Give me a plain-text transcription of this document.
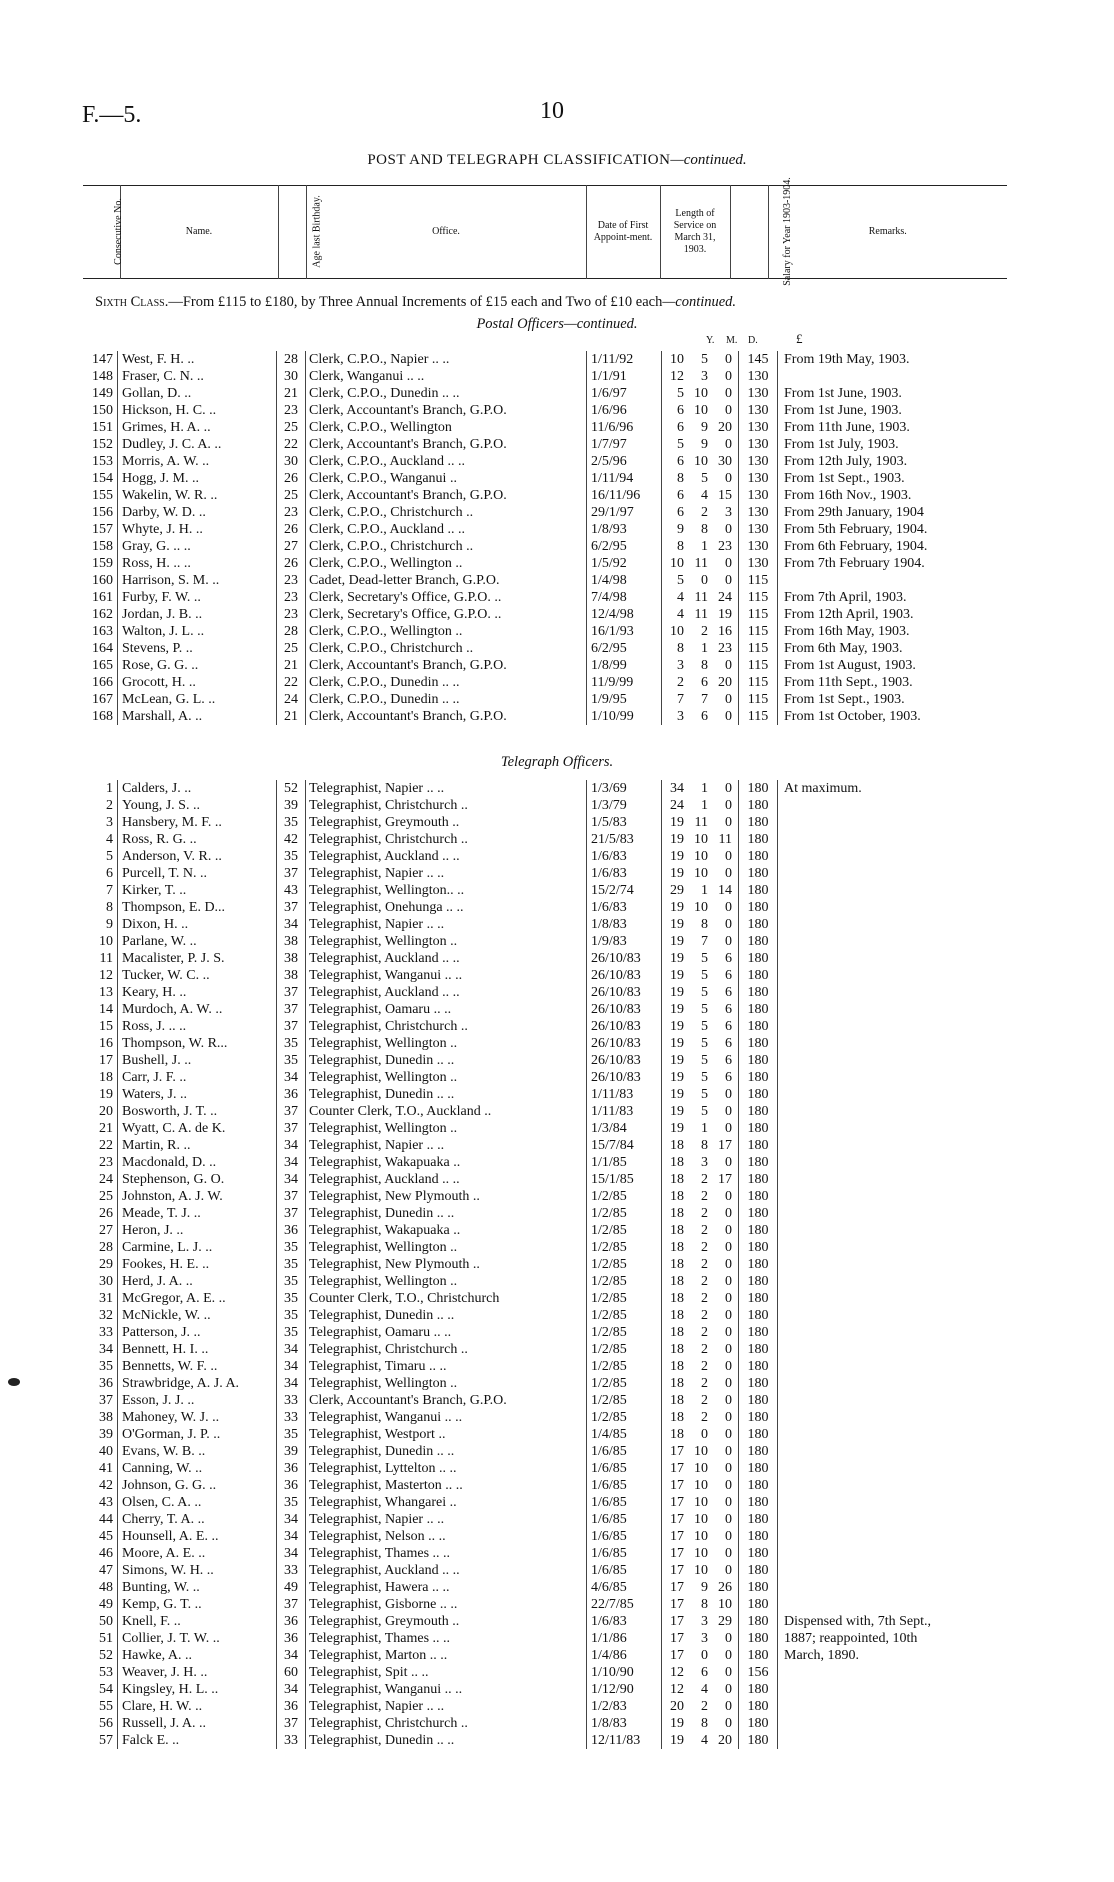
F.—5.	10
POST AND TELEGRAPH CLASSIFICATION—continued.
Consecutive No.	Name.	Age last Birthday.	Office.	Date of First Appoint-ment.	Length of Service on March 31, 1903.	Salary for Year 1903-1904.	Remarks.
Sixth Class.—From £115 to £180, by Three Annual Increments of £15 each and Two of £10 each—continued.
Postal Officers—continued.
Y. M. D.	£
147	West, F. H. ..	28	Clerk, C.P.O., Napier .. ..	1/11/92	10	5	0	145	From 19th May, 1903.
148	Fraser, C. N. ..	30	Clerk, Wanganui .. ..	1/1/91	12	3	0	130	
149	Gollan, D. ..	21	Clerk, C.P.O., Dunedin .. ..	1/6/97	5	10	0	130	From 1st June, 1903.
150	Hickson, H. C. ..	23	Clerk, Accountant's Branch, G.P.O.	1/6/96	6	10	0	130	From 1st June, 1903.
151	Grimes, H. A. ..	25	Clerk, C.P.O., Wellington	11/6/96	6	9	20	130	From 11th June, 1903.
152	Dudley, J. C. A. ..	22	Clerk, Accountant's Branch, G.P.O.	1/7/97	5	9	0	130	From 1st July, 1903.
153	Morris, A. W. ..	30	Clerk, C.P.O., Auckland .. ..	2/5/96	6	10	30	130	From 12th July, 1903.
154	Hogg, J. M. ..	26	Clerk, C.P.O., Wanganui ..	1/11/94	8	5	0	130	From 1st Sept., 1903.
155	Wakelin, W. R. ..	25	Clerk, Accountant's Branch, G.P.O.	16/11/96	6	4	15	130	From 16th Nov., 1903.
156	Darby, W. D. ..	23	Clerk, C.P.O., Christchurch ..	29/1/97	6	2	3	130	From 29th January, 1904
157	Whyte, J. H. ..	26	Clerk, C.P.O., Auckland .. ..	1/8/93	9	8	0	130	From 5th February, 1904.
158	Gray, G. .. ..	27	Clerk, C.P.O., Christchurch ..	6/2/95	8	1	23	130	From 6th February, 1904.
159	Ross, H. .. ..	26	Clerk, C.P.O., Wellington ..	1/5/92	10	11	0	130	From 7th February 1904.
160	Harrison, S. M. ..	23	Cadet, Dead-letter Branch, G.P.O.	1/4/98	5	0	0	115	
161	Furby, F. W. ..	23	Clerk, Secretary's Office, G.P.O. ..	7/4/98	4	11	24	115	From 7th April, 1903.
162	Jordan, J. B. ..	23	Clerk, Secretary's Office, G.P.O. ..	12/4/98	4	11	19	115	From 12th April, 1903.
163	Walton, J. L. ..	28	Clerk, C.P.O., Wellington ..	16/1/93	10	2	16	115	From 16th May, 1903.
164	Stevens, P. ..	25	Clerk, C.P.O., Christchurch ..	6/2/95	8	1	23	115	From 6th May, 1903.
165	Rose, G. G. ..	21	Clerk, Accountant's Branch, G.P.O.	1/8/99	3	8	0	115	From 1st August, 1903.
166	Grocott, H. ..	22	Clerk, C.P.O., Dunedin .. ..	11/9/99	2	6	20	115	From 11th Sept., 1903.
167	McLean, G. L. ..	24	Clerk, C.P.O., Dunedin .. ..	1/9/95	7	7	0	115	From 1st Sept., 1903.
168	Marshall, A. ..	21	Clerk, Accountant's Branch, G.P.O.	1/10/99	3	6	0	115	From 1st October, 1903.
Telegraph Officers.
1	Calders, J. ..	52	Telegraphist, Napier .. ..	1/3/69	34	1	0	180	At maximum.
2	Young, J. S. ..	39	Telegraphist, Christchurch ..	1/3/79	24	1	0	180	
3	Hansbery, M. F. ..	35	Telegraphist, Greymouth ..	1/5/83	19	11	0	180	
4	Ross, R. G. ..	42	Telegraphist, Christchurch ..	21/5/83	19	10	11	180	
5	Anderson, V. R. ..	35	Telegraphist, Auckland .. ..	1/6/83	19	10	0	180	
6	Purcell, T. N. ..	37	Telegraphist, Napier .. ..	1/6/83	19	10	0	180	
7	Kirker, T. ..	43	Telegraphist, Wellington.. ..	15/2/74	29	1	14	180	
8	Thompson, E. D...	37	Telegraphist, Onehunga .. ..	1/6/83	19	10	0	180	
9	Dixon, H. ..	34	Telegraphist, Napier .. ..	1/8/83	19	8	0	180	
10	Parlane, W. ..	38	Telegraphist, Wellington ..	1/9/83	19	7	0	180	
11	Macalister, P. J. S.	38	Telegraphist, Auckland .. ..	26/10/83	19	5	6	180	
12	Tucker, W. C. ..	38	Telegraphist, Wanganui .. ..	26/10/83	19	5	6	180	
13	Keary, H. ..	37	Telegraphist, Auckland .. ..	26/10/83	19	5	6	180	
14	Murdoch, A. W. ..	37	Telegraphist, Oamaru .. ..	26/10/83	19	5	6	180	
15	Ross, J. .. ..	37	Telegraphist, Christchurch ..	26/10/83	19	5	6	180	
16	Thompson, W. R...	35	Telegraphist, Wellington ..	26/10/83	19	5	6	180	
17	Bushell, J. ..	35	Telegraphist, Dunedin .. ..	26/10/83	19	5	6	180	
18	Carr, J. F. ..	34	Telegraphist, Wellington ..	26/10/83	19	5	6	180	
19	Waters, J. ..	36	Telegraphist, Dunedin .. ..	1/11/83	19	5	0	180	
20	Bosworth, J. T. ..	37	Counter Clerk, T.O., Auckland ..	1/11/83	19	5	0	180	
21	Wyatt, C. A. de K.	37	Telegraphist, Wellington ..	1/3/84	19	1	0	180	
22	Martin, R. ..	34	Telegraphist, Napier .. ..	15/7/84	18	8	17	180	
23	Macdonald, D. ..	34	Telegraphist, Wakapuaka ..	1/1/85	18	3	0	180	
24	Stephenson, G. O.	34	Telegraphist, Auckland .. ..	15/1/85	18	2	17	180	
25	Johnston, A. J. W.	37	Telegraphist, New Plymouth ..	1/2/85	18	2	0	180	
26	Meade, T. J. ..	37	Telegraphist, Dunedin .. ..	1/2/85	18	2	0	180	
27	Heron, J. ..	36	Telegraphist, Wakapuaka ..	1/2/85	18	2	0	180	
28	Carmine, L. J. ..	35	Telegraphist, Wellington ..	1/2/85	18	2	0	180	
29	Fookes, H. E. ..	35	Telegraphist, New Plymouth ..	1/2/85	18	2	0	180	
30	Herd, J. A. ..	35	Telegraphist, Wellington ..	1/2/85	18	2	0	180	
31	McGregor, A. E. ..	35	Counter Clerk, T.O., Christchurch	1/2/85	18	2	0	180	
32	McNickle, W. ..	35	Telegraphist, Dunedin .. ..	1/2/85	18	2	0	180	
33	Patterson, J. ..	35	Telegraphist, Oamaru .. ..	1/2/85	18	2	0	180	
34	Bennett, H. I. ..	34	Telegraphist, Christchurch ..	1/2/85	18	2	0	180	
35	Bennetts, W. F. ..	34	Telegraphist, Timaru .. ..	1/2/85	18	2	0	180	
36	Strawbridge, A. J. A.	34	Telegraphist, Wellington ..	1/2/85	18	2	0	180	
37	Esson, J. J. ..	33	Clerk, Accountant's Branch, G.P.O.	1/2/85	18	2	0	180	
38	Mahoney, W. J. ..	33	Telegraphist, Wanganui .. ..	1/2/85	18	2	0	180	
39	O'Gorman, J. P. ..	35	Telegraphist, Westport ..	1/4/85	18	0	0	180	
40	Evans, W. B. ..	39	Telegraphist, Dunedin .. ..	1/6/85	17	10	0	180	
41	Canning, W. ..	36	Telegraphist, Lyttelton .. ..	1/6/85	17	10	0	180	
42	Johnson, G. G. ..	36	Telegraphist, Masterton .. ..	1/6/85	17	10	0	180	
43	Olsen, C. A. ..	35	Telegraphist, Whangarei ..	1/6/85	17	10	0	180	
44	Cherry, T. A. ..	34	Telegraphist, Napier .. ..	1/6/85	17	10	0	180	
45	Hounsell, A. E. ..	34	Telegraphist, Nelson .. ..	1/6/85	17	10	0	180	
46	Moore, A. E. ..	34	Telegraphist, Thames .. ..	1/6/85	17	10	0	180	
47	Simons, W. H. ..	33	Telegraphist, Auckland .. ..	1/6/85	17	10	0	180	
48	Bunting, W. ..	49	Telegraphist, Hawera .. ..	4/6/85	17	9	26	180	
49	Kemp, G. T. ..	37	Telegraphist, Gisborne .. ..	22/7/85	17	8	10	180	
50	Knell, F. ..	36	Telegraphist, Greymouth ..	1/6/83	17	3	29	180	Dispensed with, 7th Sept.,
51	Collier, J. T. W. ..	36	Telegraphist, Thames .. ..	1/1/86	17	3	0	180	1887; reappointed, 10th
52	Hawke, A. ..	34	Telegraphist, Marton .. ..	1/4/86	17	0	0	180	March, 1890.
53	Weaver, J. H. ..	60	Telegraphist, Spit .. ..	1/10/90	12	6	0	156	
54	Kingsley, H. L. ..	34	Telegraphist, Wanganui .. ..	1/12/90	12	4	0	180	
55	Clare, H. W. ..	36	Telegraphist, Napier .. ..	1/2/83	20	2	0	180	
56	Russell, J. A. ..	37	Telegraphist, Christchurch ..	1/8/83	19	8	0	180	
57	Falck E. ..	33	Telegraphist, Dunedin .. ..	12/11/83	19	4	20	180	
